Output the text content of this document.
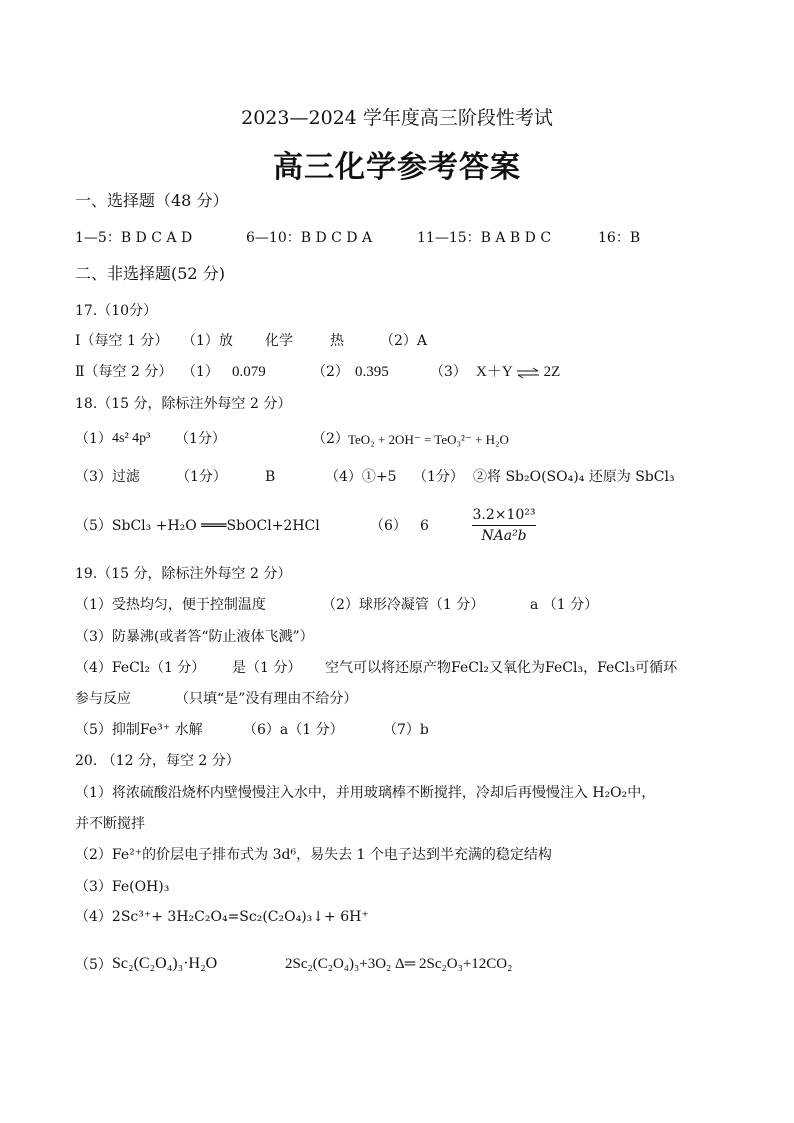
2023—2024 学年度高三阶段性考试
高三化学参考答案
一、选择题（48 分）
1—5：B D C A D	6—10：B D C D A	11—15：B A B D C	16：B
二、非选择题(52 分)
17.（10分）
Ⅰ（每空 1 分） （1）放 化学	热	（2）A
Ⅱ（每空 2 分） （1） 0.079	（2） 0.395	（3） X＋Y ⇌ 2Z
18.（15 分，除标注外每空 2 分）
（1） 4s² 4p³ （1分）	（2） TeO₂ + 2OH⁻ = TeO₃²⁻ + H₂O
（3）过滤	（1分）	B	（4）①+5 （1分） ②将 Sb₂O(SO₄)₄ 还原为 SbCl₃
（5）SbCl₃ +H₂O ═══SbOCl+2HCl	（6） 6
3.2×10²³
NAa²b
19.（15 分，除标注外每空 2 分）
（1）受热均匀，便于控制温度	（2）球形冷凝管（1 分）	a （1 分）
（3）防暴沸(或者答“防止液体飞溅”）
（4）FeCl₂（1 分） 是（1 分） 空气可以将还原产物FeCl₂又氧化为FeCl₃，FeCl₃可循环
参与反应	（只填“是”没有理由不给分）
（5）抑制Fe³⁺ 水解	（6）a（1 分）	（7）b
20. （12 分，每空 2 分）
（1）将浓硫酸沿烧杯内壁慢慢注入水中，并用玻璃棒不断搅拌，冷却后再慢慢注入 H₂O₂中，
并不断搅拌
（2）Fe²⁺的价层电子排布式为 3d⁶，易失去 1 个电子达到半充满的稳定结构
（3）Fe(OH)₃
（4）2Sc³⁺+ 3H₂C₂O₄=Sc₂(C₂O₄)₃↓+ 6H⁺
（5） Sc₂(C₂O₄)₃·H₂O	2Sc₂(C₂O₄)₃+3O₂ Δ═ 2Sc₂O₃+12CO₂
